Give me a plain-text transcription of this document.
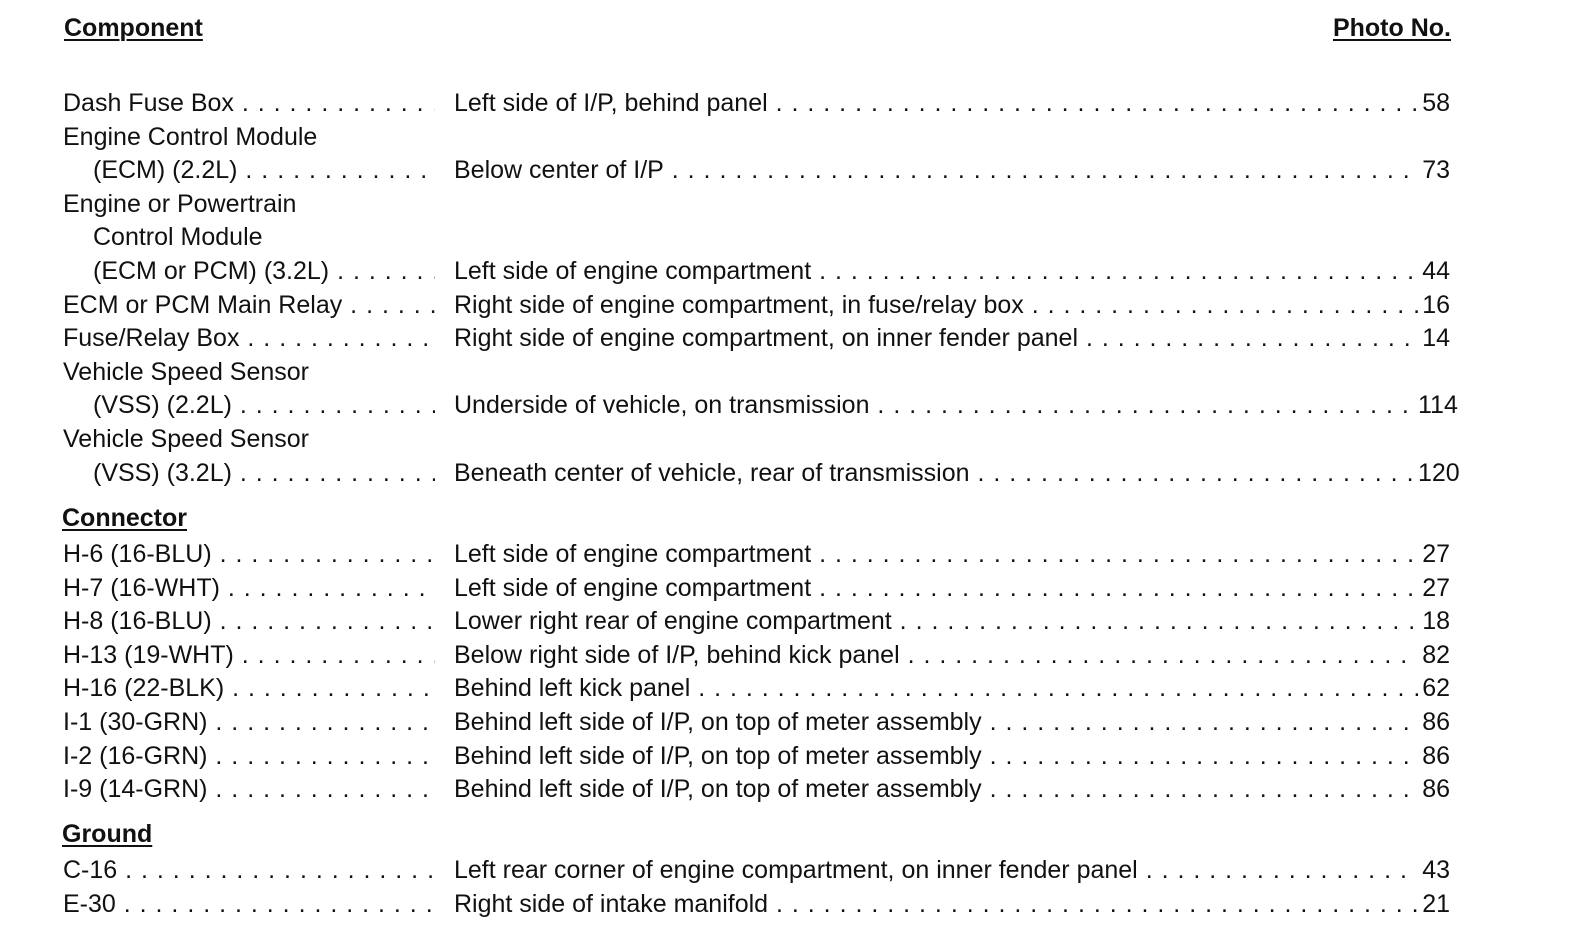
Component	Photo No.
Dash Fuse Box . . .	Left side of I/P, behind panel . . .	58
Engine Control Module
(ECM) (2.2L) . . .	Below center of I/P . . .	73
Engine or Powertrain
Control Module
(ECM or PCM) (3.2L) . . .	Left side of engine compartment . . .	44
ECM or PCM Main Relay . . .	Right side of engine compartment, in fuse/relay box . . .	16
Fuse/Relay Box . . .	Right side of engine compartment, on inner fender panel . . .	14
Vehicle Speed Sensor
(VSS) (2.2L) . . .	Underside of vehicle, on transmission . . .	114
Vehicle Speed Sensor
(VSS) (3.2L) . . .	Beneath center of vehicle, rear of transmission . . .	120
Connector
H-6 (16-BLU) . . .	Left side of engine compartment . . .	27
H-7 (16-WHT) . . .	Left side of engine compartment . . .	27
H-8 (16-BLU) . . .	Lower right rear of engine compartment . . .	18
H-13 (19-WHT) . . .	Below right side of I/P, behind kick panel . . .	82
H-16 (22-BLK) . . .	Behind left kick panel . . .	62
I-1 (30-GRN) . . .	Behind left side of I/P, on top of meter assembly . . .	86
I-2 (16-GRN) . . .	Behind left side of I/P, on top of meter assembly . . .	86
I-9 (14-GRN) . . .	Behind left side of I/P, on top of meter assembly . . .	86
Ground
C-16 . . .	Left rear corner of engine compartment, on inner fender panel . . .	43
E-30 . . .	Right side of intake manifold . . .	21
